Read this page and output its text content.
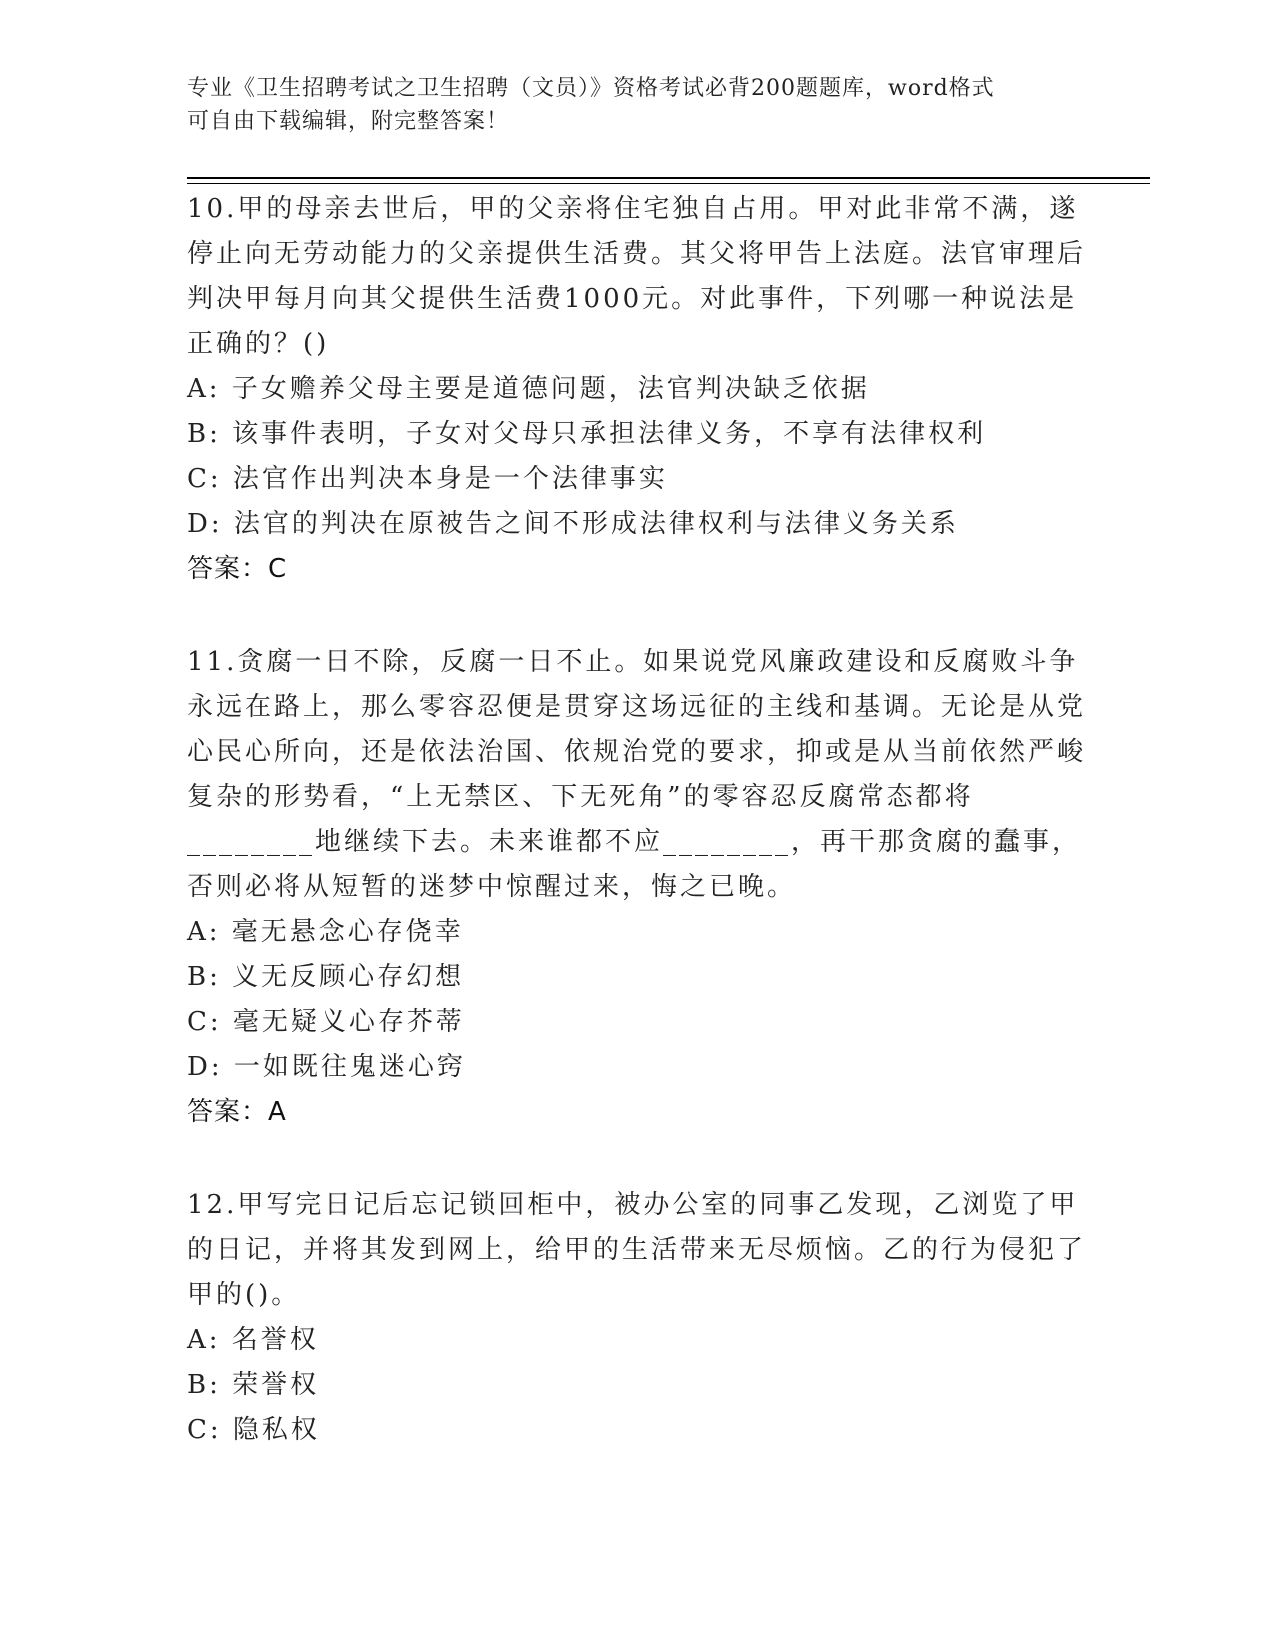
专业《卫生招聘考试之卫生招聘（文员）》资格考试必背200题题库，word格式
可自由下载编辑，附完整答案！

10.甲的母亲去世后，甲的父亲将住宅独自占用。甲对此非常不满，遂停止向无劳动能力的父亲提供生活费。其父将甲告上法庭。法官审理后判决甲每月向其父提供生活费1000元。对此事件，下列哪一种说法是正确的？()

A: 子女赡养父母主要是道德问题，法官判决缺乏依据

B: 该事件表明，子女对父母只承担法律义务，不享有法律权利

C: 法官作出判决本身是一个法律事实

D: 法官的判决在原被告之间不形成法律权利与法律义务关系

答案：C

11.贪腐一日不除，反腐一日不止。如果说党风廉政建设和反腐败斗争永远在路上，那么零容忍便是贯穿这场远征的主线和基调。无论是从党心民心所向，还是依法治国、依规治党的要求，抑或是从当前依然严峻复杂的形势看，“上无禁区、下无死角”的零容忍反腐常态都将________地继续下去。未来谁都不应________，再干那贪腐的蠢事，否则必将从短暂的迷梦中惊醒过来，悔之已晚。

A: 毫无悬念心存侥幸

B: 义无反顾心存幻想

C: 毫无疑义心存芥蒂

D: 一如既往鬼迷心窍

答案：A

12.甲写完日记后忘记锁回柜中，被办公室的同事乙发现，乙浏览了甲的日记，并将其发到网上，给甲的生活带来无尽烦恼。乙的行为侵犯了甲的()。

A: 名誉权

B: 荣誉权

C: 隐私权
